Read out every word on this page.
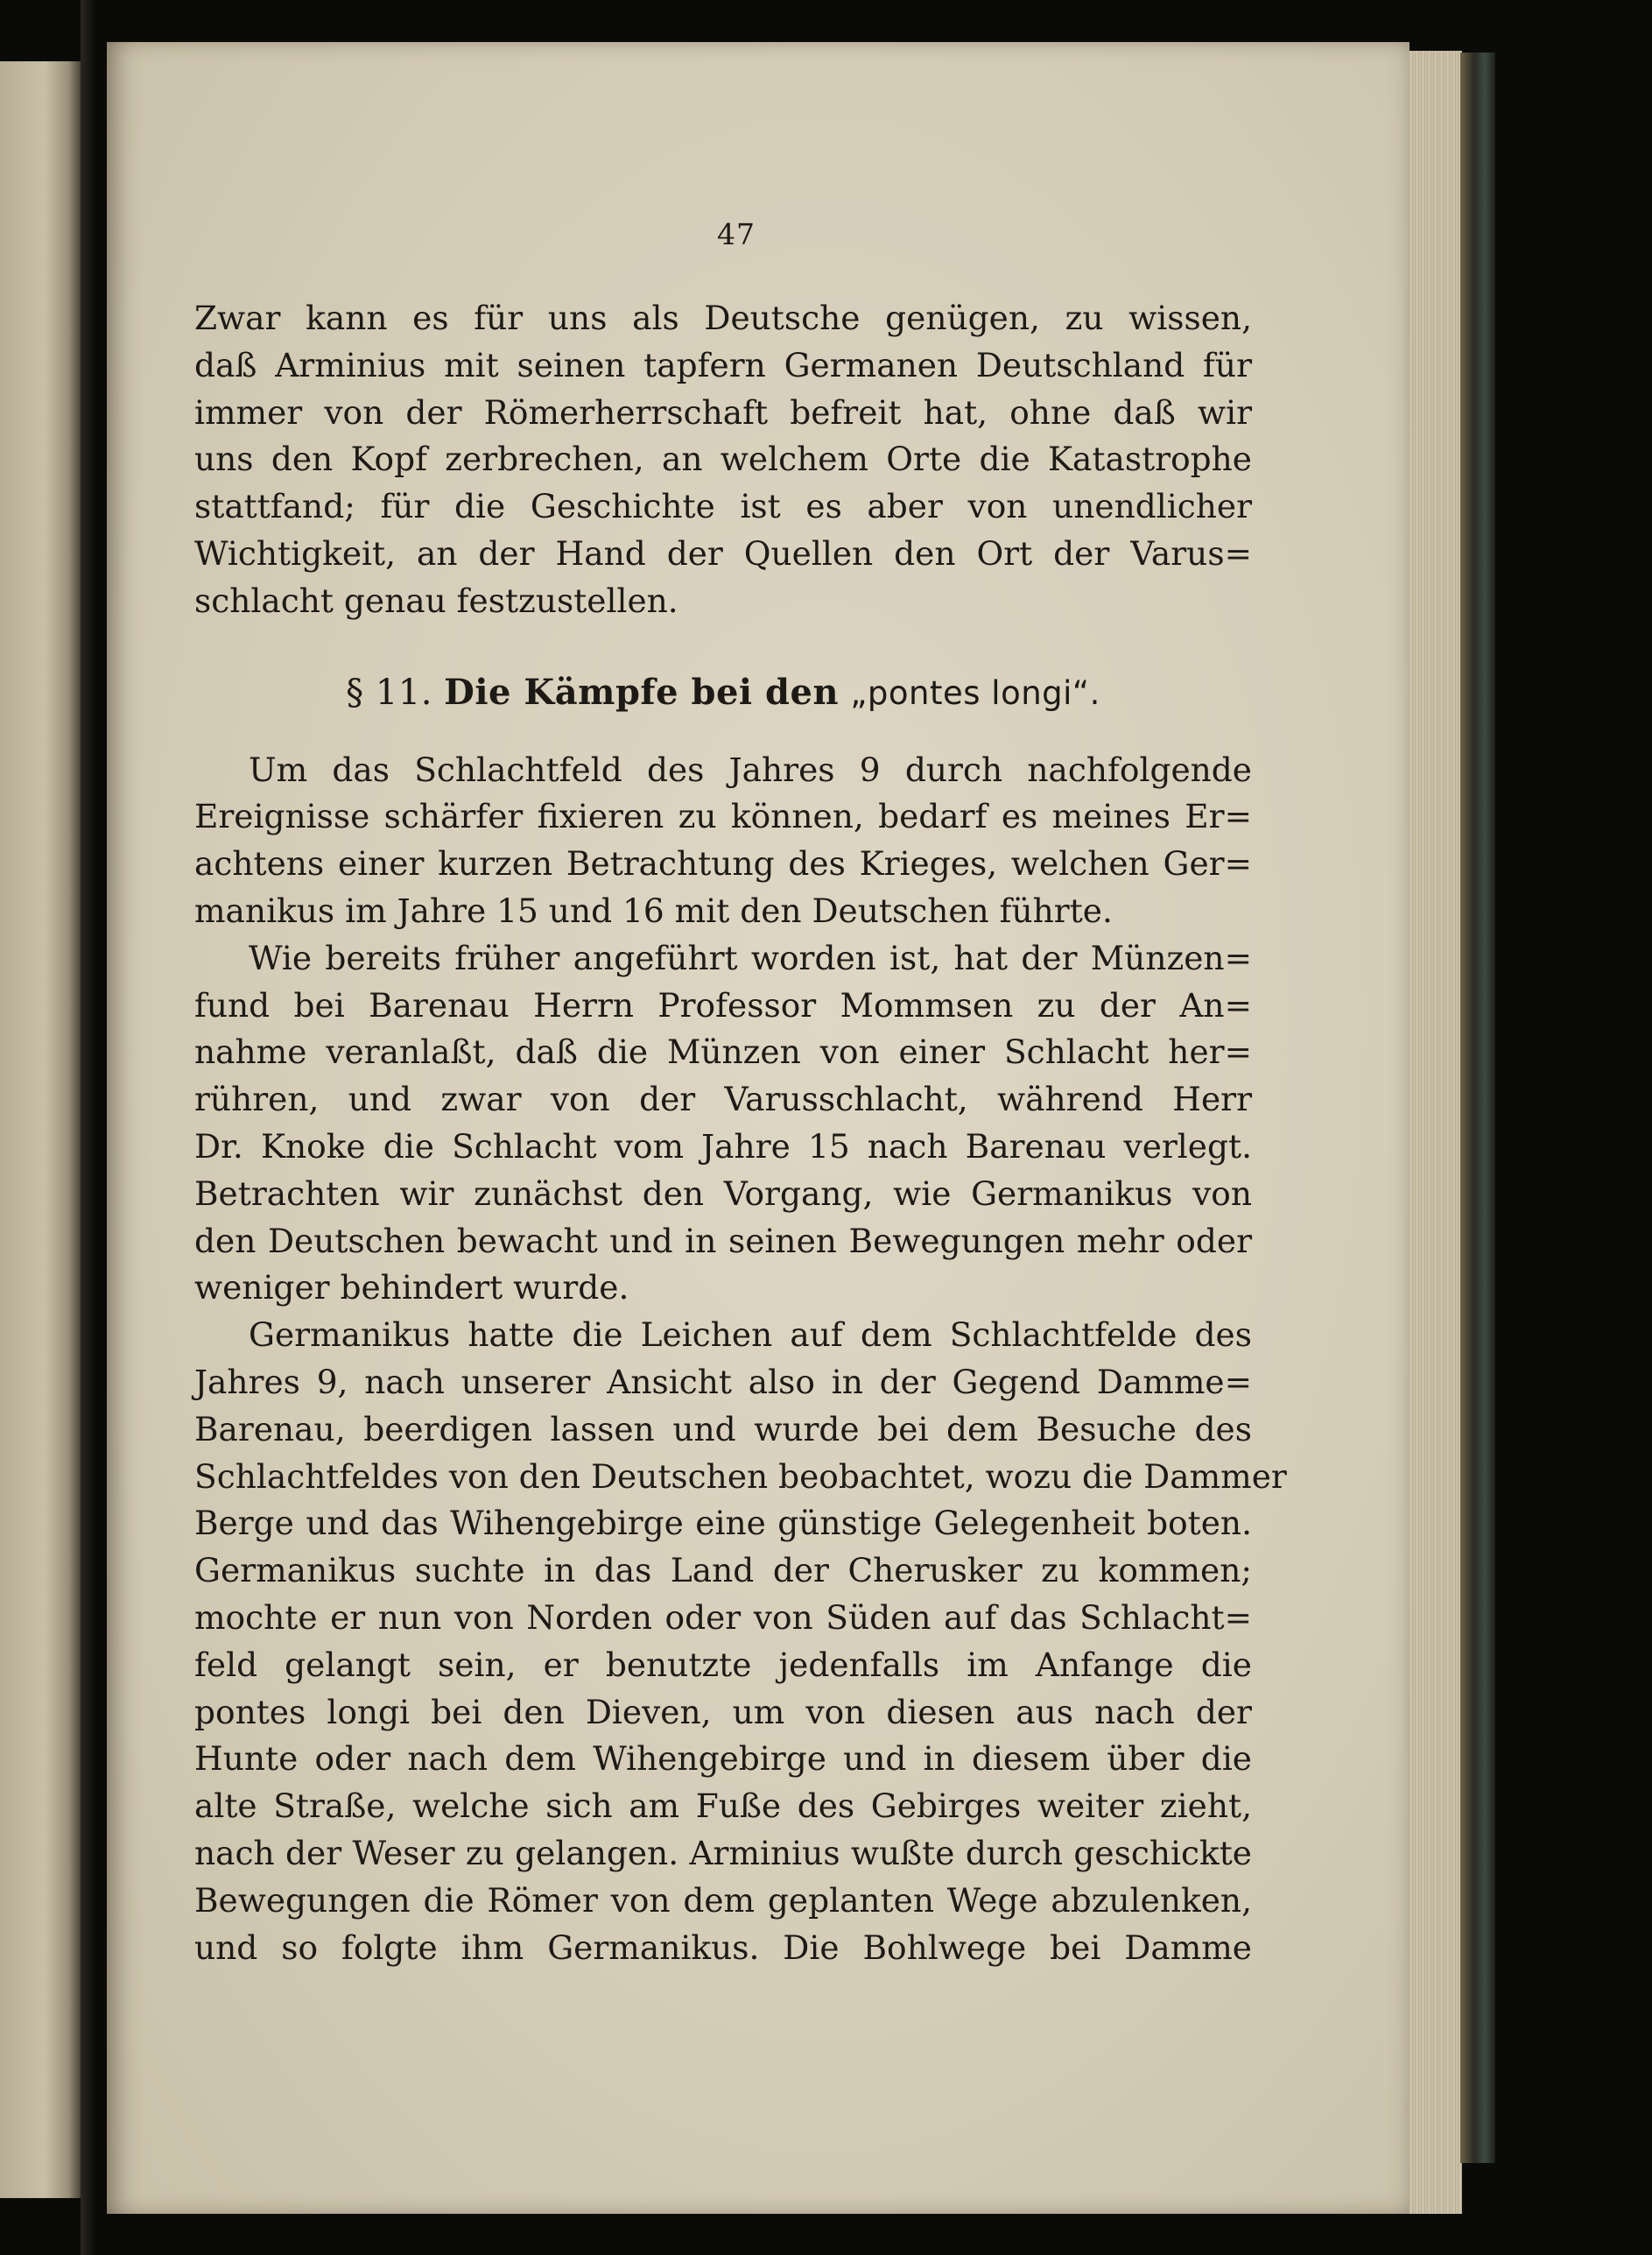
47

Zwar kann es für uns als Deutsche genügen, zu wissen,
daß Arminius mit seinen tapfern Germanen Deutschland für
immer von der Römerherrschaft befreit hat, ohne daß wir
uns den Kopf zerbrechen, an welchem Orte die Katastrophe
stattfand; für die Geschichte ist es aber von unendlicher
Wichtigkeit, an der Hand der Quellen den Ort der Varus=
schlacht genau festzustellen.

§ 11. Die Kämpfe bei den „pontes longi“.

Um das Schlachtfeld des Jahres 9 durch nachfolgende
Ereignisse schärfer fixieren zu können, bedarf es meines Er=
achtens einer kurzen Betrachtung des Krieges, welchen Ger=
manikus im Jahre 15 und 16 mit den Deutschen führte.

Wie bereits früher angeführt worden ist, hat der Münzen=
fund bei Barenau Herrn Professor Mommsen zu der An=
nahme veranlaßt, daß die Münzen von einer Schlacht her=
rühren, und zwar von der Varusschlacht, während Herr
Dr. Knoke die Schlacht vom Jahre 15 nach Barenau verlegt.
Betrachten wir zunächst den Vorgang, wie Germanikus von
den Deutschen bewacht und in seinen Bewegungen mehr oder
weniger behindert wurde.

Germanikus hatte die Leichen auf dem Schlachtfelde des
Jahres 9, nach unserer Ansicht also in der Gegend Damme=
Barenau, beerdigen lassen und wurde bei dem Besuche des
Schlachtfeldes von den Deutschen beobachtet, wozu die Dammer
Berge und das Wihengebirge eine günstige Gelegenheit boten.
Germanikus suchte in das Land der Cherusker zu kommen;
mochte er nun von Norden oder von Süden auf das Schlacht=
feld gelangt sein, er benutzte jedenfalls im Anfange die
pontes longi bei den Dieven, um von diesen aus nach der
Hunte oder nach dem Wihengebirge und in diesem über die
alte Straße, welche sich am Fuße des Gebirges weiter zieht,
nach der Weser zu gelangen. Arminius wußte durch geschickte
Bewegungen die Römer von dem geplanten Wege abzulenken,
und so folgte ihm Germanikus. Die Bohlwege bei Damme
